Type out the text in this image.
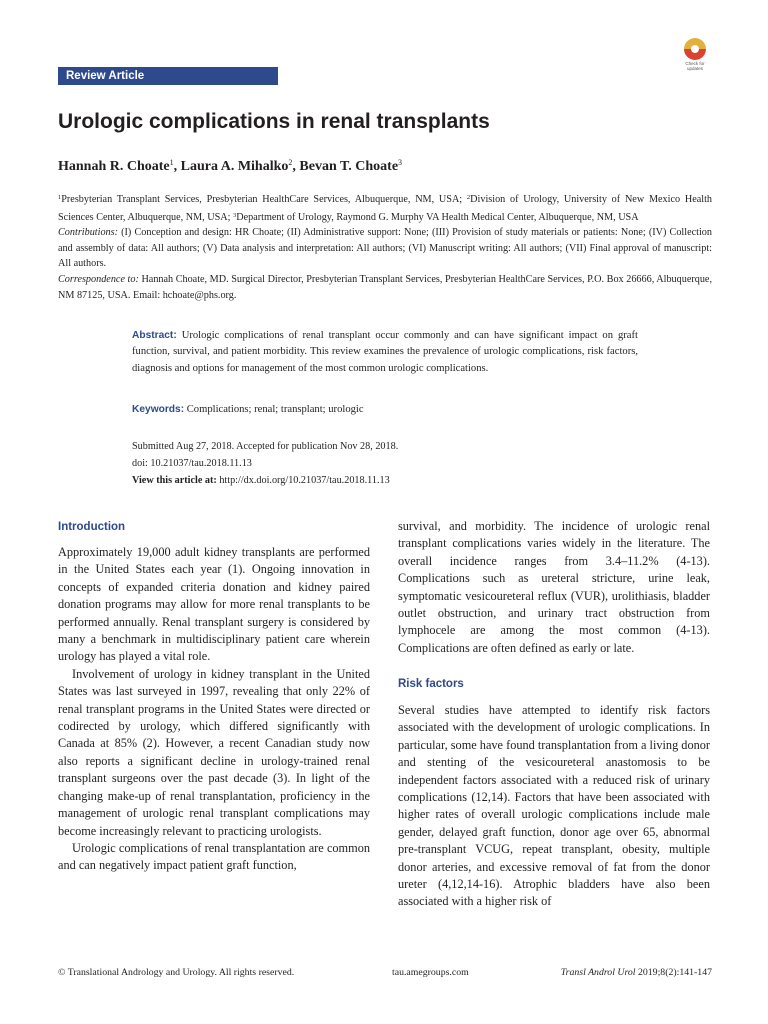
Review Article
Check for
updates
Urologic complications in renal transplants
Hannah R. Choate$^1$, Laura A. Mihalko$^2$, Bevan T. Choate$^3$
$^1$Presbyterian Transplant Services, Presbyterian HealthCare Services, Albuquerque, NM, USA; $^2$Division of Urology, University of New Mexico Health Sciences Center, Albuquerque, NM, USA; $^3$Department of Urology, Raymond G. Murphy VA Health Medical Center, Albuquerque, NM, USA
Contributions: (I) Conception and design: HR Choate; (II) Administrative support: None; (III) Provision of study materials or patients: None; (IV) Collection and assembly of data: All authors; (V) Data analysis and interpretation: All authors; (VI) Manuscript writing: All authors; (VII) Final approval of manuscript: All authors.
Correspondence to: Hannah Choate, MD. Surgical Director, Presbyterian Transplant Services, Presbyterian HealthCare Services, P.O. Box 26666, Albuquerque, NM 87125, USA. Email: hchoate@phs.org.
Abstract: Urologic complications of renal transplant occur commonly and can have significant impact on graft function, survival, and patient morbidity. This review examines the prevalence of urologic complications, risk factors, diagnosis and options for management of the most common urologic complications.
Keywords: Complications; renal; transplant; urologic
Submitted Aug 27, 2018. Accepted for publication Nov 28, 2018.
doi: 10.21037/tau.2018.11.13
View this article at: http://dx.doi.org/10.21037/tau.2018.11.13
Introduction

Approximately 19,000 adult kidney transplants are performed in the United States each year (1). Ongoing innovation in concepts of expanded criteria donation and kidney paired donation programs may allow for more renal transplants to be performed annually. Renal transplant surgery is considered by many a benchmark in multidisciplinary patient care wherein urology has played a vital role.

Involvement of urology in kidney transplant in the United States was last surveyed in 1997, revealing that only 22% of renal transplant programs in the United States were directed or codirected by urology, which differed significantly with Canada at 85% (2). However, a recent Canadian study now also reports a significant decline in urology-trained renal transplant surgeons over the past decade (3). In light of the changing make-up of renal transplantation, proficiency in the management of urologic renal transplant complications may become increasingly relevant to practicing urologists.

Urologic complications of renal transplantation are common and can negatively impact patient graft function,

survival, and morbidity. The incidence of urologic renal transplant complications varies widely in the literature. The overall incidence ranges from 3.4–11.2% (4-13). Complications such as ureteral stricture, urine leak, symptomatic vesicoureteral reflux (VUR), urolithiasis, bladder outlet obstruction, and urinary tract obstruction from lymphocele are among the most common (4-13). Complications are often defined as early or late.

Risk factors

Several studies have attempted to identify risk factors associated with the development of urologic complications. In particular, some have found transplantation from a living donor and stenting of the vesicoureteral anastomosis to be independent factors associated with a reduced risk of urinary complications (12,14). Factors that have been associated with higher rates of overall urologic complications include male gender, delayed graft function, donor age over 65, abnormal pre-transplant VCUG, repeat transplant, obesity, multiple donor arteries, and excessive removal of fat from the donor ureter (4,12,14-16). Atrophic bladders have also been associated with a higher risk of

© Translational Andrology and Urology. All rights reserved.	tau.amegroups.com	Transl Androl Urol 2019;8(2):141-147
